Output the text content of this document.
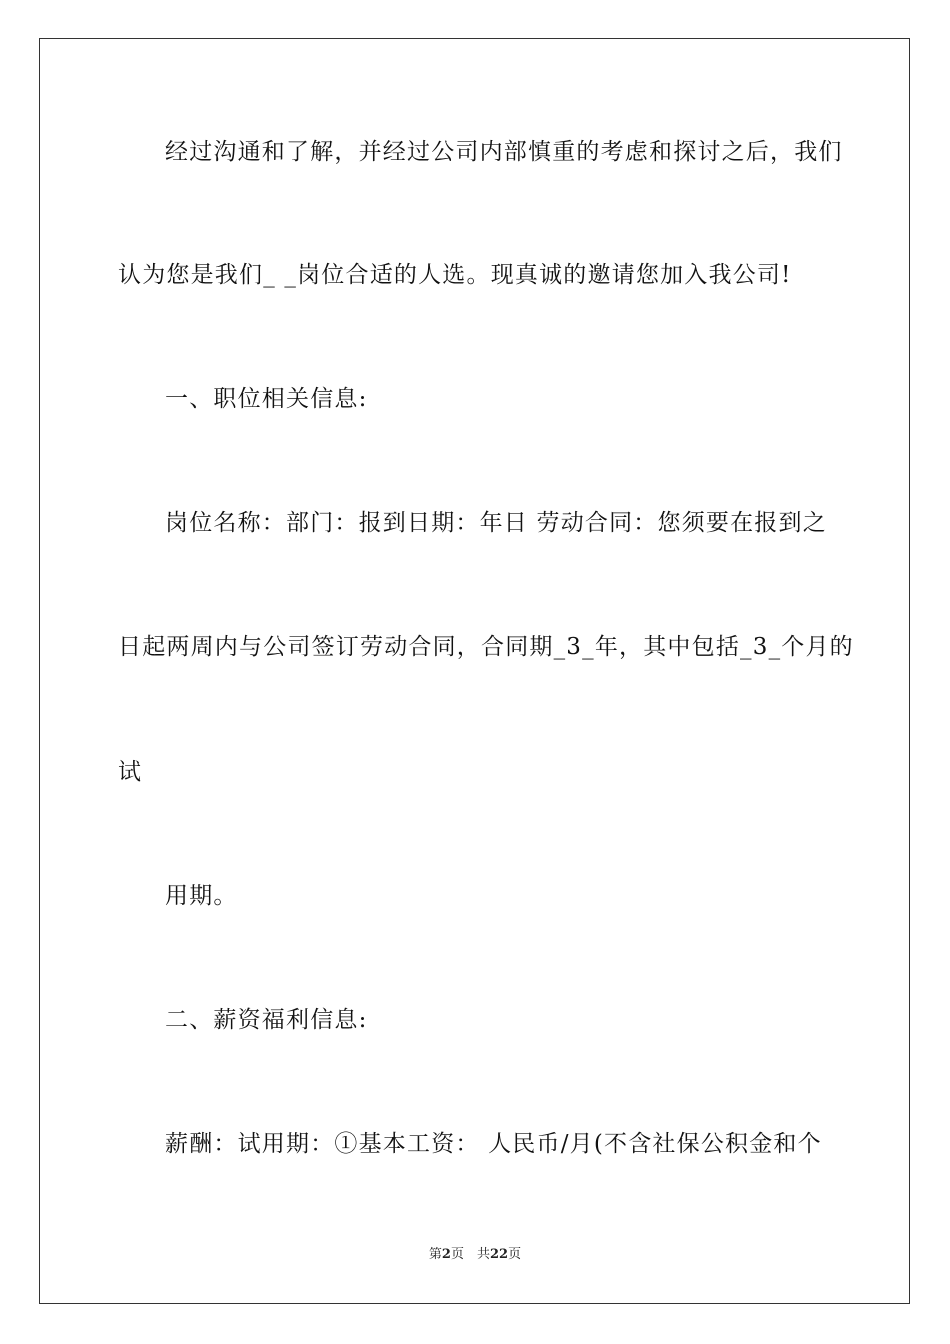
经过沟通和了解，并经过公司内部慎重的考虑和探讨之后，我们
认为您是我们_ _岗位合适的人选。现真诚的邀请您加入我公司!
一、职位相关信息:
岗位名称：部门：报到日期：年日 劳动合同：您须要在报到之
日起两周内与公司签订劳动合同，合同期_3_年，其中包括_3_个月的
试
用期。
二、薪资福利信息:
薪酬：试用期：①基本工资： 人民币/月(不含社保公积金和个
第2页　共22页
